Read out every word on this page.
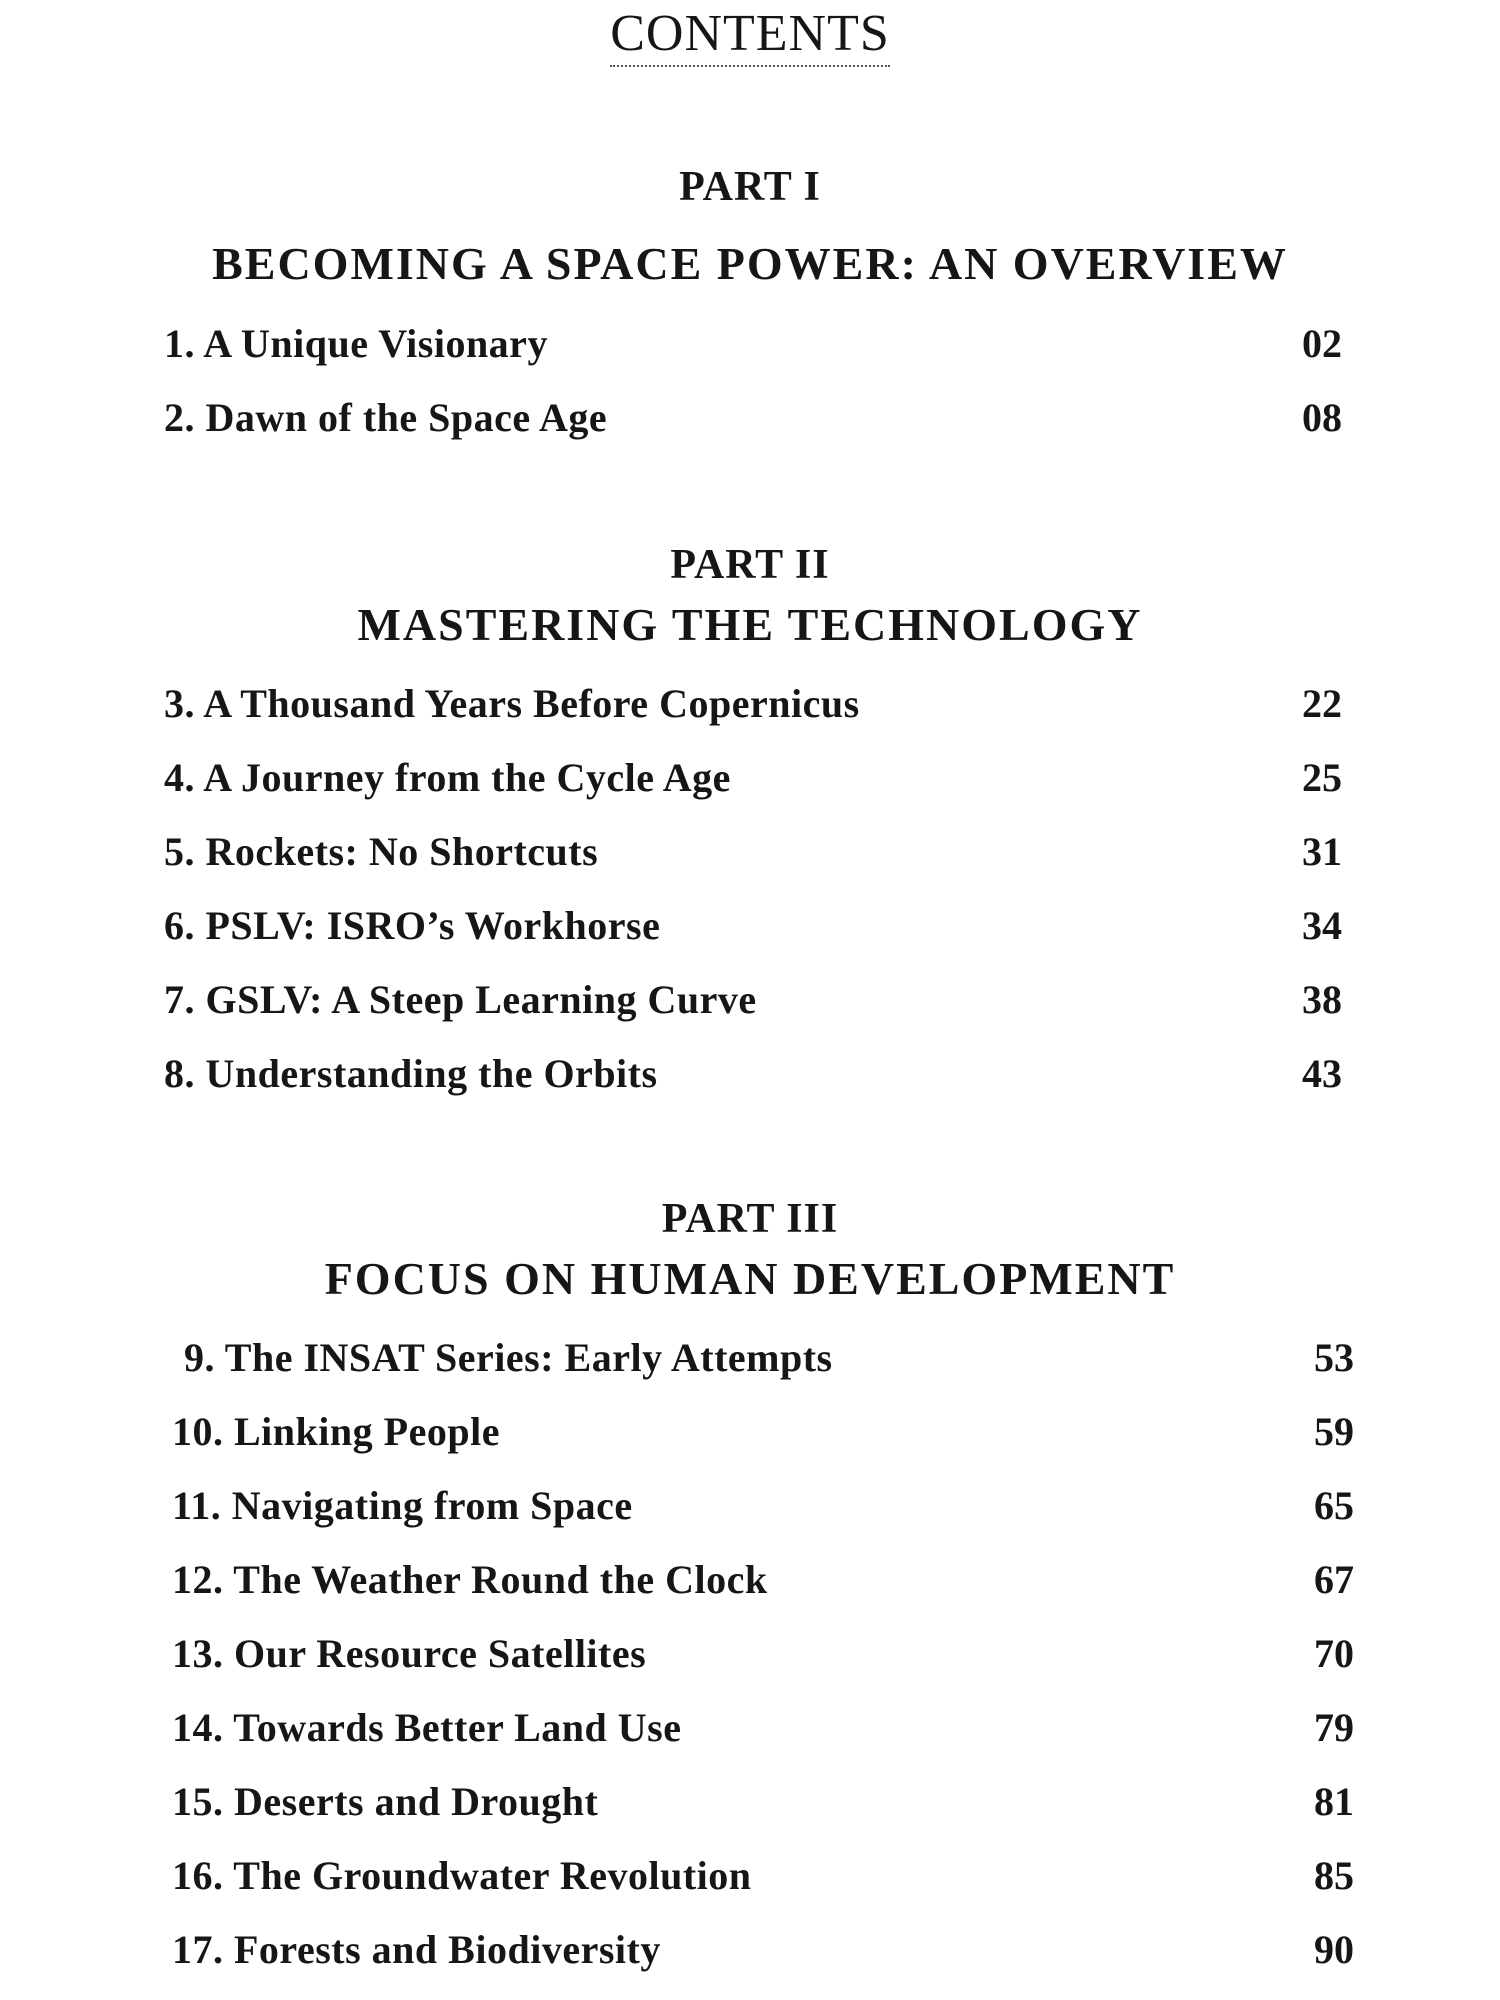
CONTENTS
PART I
BECOMING A SPACE POWER: AN OVERVIEW
1. A Unique Visionary	02
2. Dawn of the Space Age	08
PART II
MASTERING THE TECHNOLOGY
3. A Thousand Years Before Copernicus	22
4. A Journey from the Cycle Age	25
5. Rockets: No Shortcuts	31
6. PSLV: ISRO’s Workhorse	34
7. GSLV: A Steep Learning Curve	38
8. Understanding the Orbits	43
PART III
FOCUS ON HUMAN DEVELOPMENT
9. The INSAT Series: Early Attempts	53
10. Linking People	59
11. Navigating from Space	65
12. The Weather Round the Clock	67
13. Our Resource Satellites	70
14. Towards Better Land Use	79
15. Deserts and Drought	81
16. The Groundwater Revolution	85
17. Forests and Biodiversity	90
